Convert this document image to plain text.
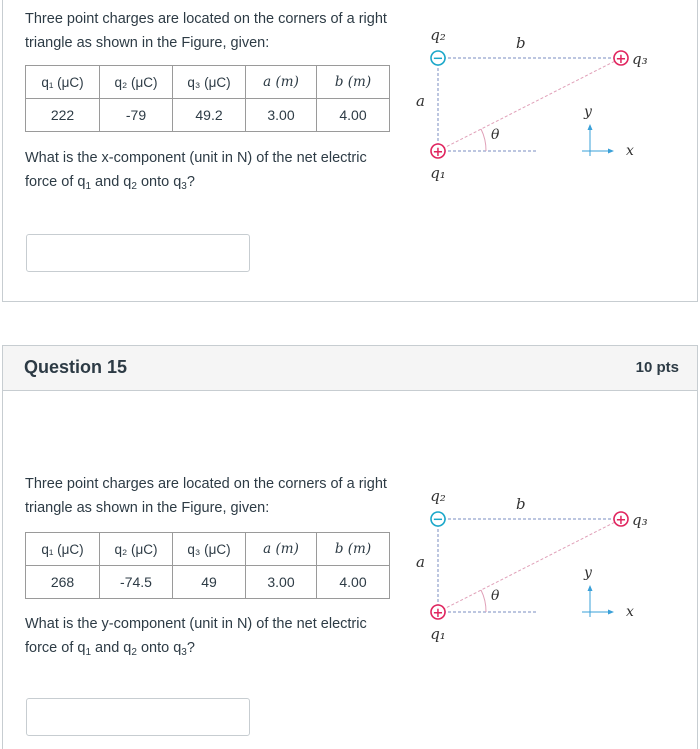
Three point charges are located on the corners of a right triangle as shown in the Figure, given:
q₁ (μC)	q₂ (μC)	q₃ (μC)	a (m)	b (m)
222	-79	49.2	3.00	4.00
What is the x-component (unit in N) of the net electric force of $q_1$ and $q_2$ onto $q_3$?
−	+
+
q₂
q₃
q₁
a
b
θ
x
y
Question 15	10 pts
Three point charges are located on the corners of a right triangle as shown in the Figure, given:
q₁ (μC)	q₂ (μC)	q₃ (μC)	a (m)	b (m)
268	-74.5	49	3.00	4.00
What is the y-component (unit in N) of the net electric force of $q_1$ and $q_2$ onto $q_3$?
−	+
+
q₂
q₃
q₁
a
b
θ
x
y
